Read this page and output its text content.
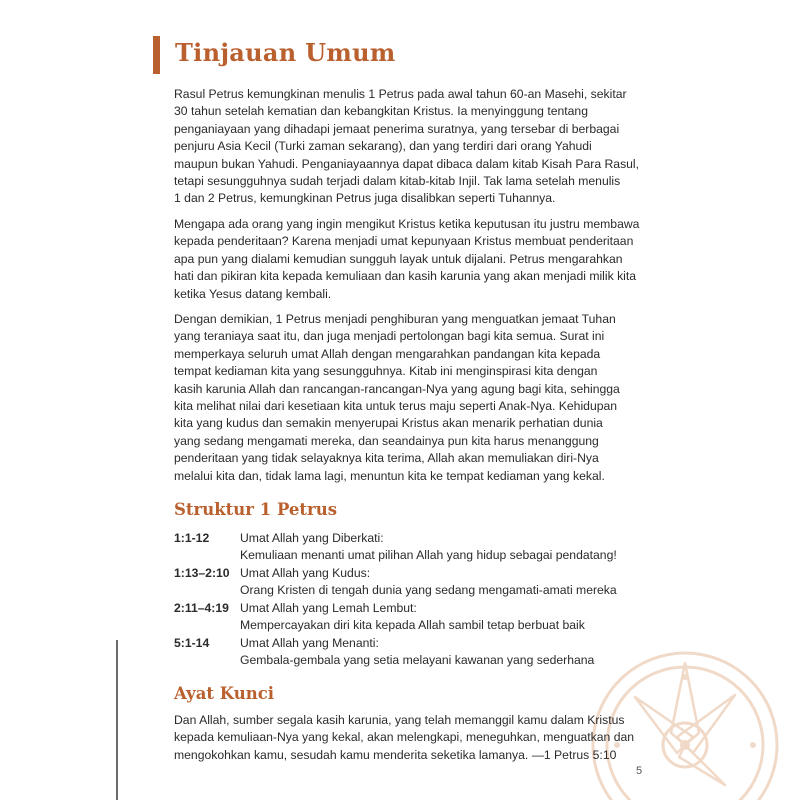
Tinjauan Umum
Rasul Petrus kemungkinan menulis 1 Petrus pada awal tahun 60-an Masehi, sekitar
30 tahun setelah kematian dan kebangkitan Kristus. Ia menyinggung tentang
penganiayaan yang dihadapi jemaat penerima suratnya, yang tersebar di berbagai
penjuru Asia Kecil (Turki zaman sekarang), dan yang terdiri dari orang Yahudi
maupun bukan Yahudi. Penganiayaannya dapat dibaca dalam kitab Kisah Para Rasul,
tetapi sesungguhnya sudah terjadi dalam kitab-kitab Injil. Tak lama setelah menulis
1 dan 2 Petrus, kemungkinan Petrus juga disalibkan seperti Tuhannya.
Mengapa ada orang yang ingin mengikut Kristus ketika keputusan itu justru membawa
kepada penderitaan? Karena menjadi umat kepunyaan Kristus membuat penderitaan
apa pun yang dialami kemudian sungguh layak untuk dijalani. Petrus mengarahkan
hati dan pikiran kita kepada kemuliaan dan kasih karunia yang akan menjadi milik kita
ketika Yesus datang kembali.
Dengan demikian, 1 Petrus menjadi penghiburan yang menguatkan jemaat Tuhan
yang teraniaya saat itu, dan juga menjadi pertolongan bagi kita semua. Surat ini
memperkaya seluruh umat Allah dengan mengarahkan pandangan kita kepada
tempat kediaman kita yang sesungguhnya. Kitab ini menginspirasi kita dengan
kasih karunia Allah dan rancangan-rancangan-Nya yang agung bagi kita, sehingga
kita melihat nilai dari kesetiaan kita untuk terus maju seperti Anak-Nya. Kehidupan
kita yang kudus dan semakin menyerupai Kristus akan menarik perhatian dunia
yang sedang mengamati mereka, dan seandainya pun kita harus menanggung
penderitaan yang tidak selayaknya kita terima, Allah akan memuliakan diri-Nya
melalui kita dan, tidak lama lagi, menuntun kita ke tempat kediaman yang kekal.
Struktur 1 Petrus
1:1-12	Umat Allah yang Diberkati:
Kemuliaan menanti umat pilihan Allah yang hidup sebagai pendatang!
1:13–2:10 Umat Allah yang Kudus:
Orang Kristen di tengah dunia yang sedang mengamati-amati mereka
2:11–4:19 Umat Allah yang Lemah Lembut:
Mempercayakan diri kita kepada Allah sambil tetap berbuat baik
5:1-14	Umat Allah yang Menanti:
Gembala-gembala yang setia melayani kawanan yang sederhana
Ayat Kunci
Dan Allah, sumber segala kasih karunia, yang telah memanggil kamu dalam Kristus
kepada kemuliaan-Nya yang kekal, akan melengkapi, meneguhkan, menguatkan dan
mengokohkan kamu, sesudah kamu menderita seketika lamanya. —1 Petrus 5:10
5
